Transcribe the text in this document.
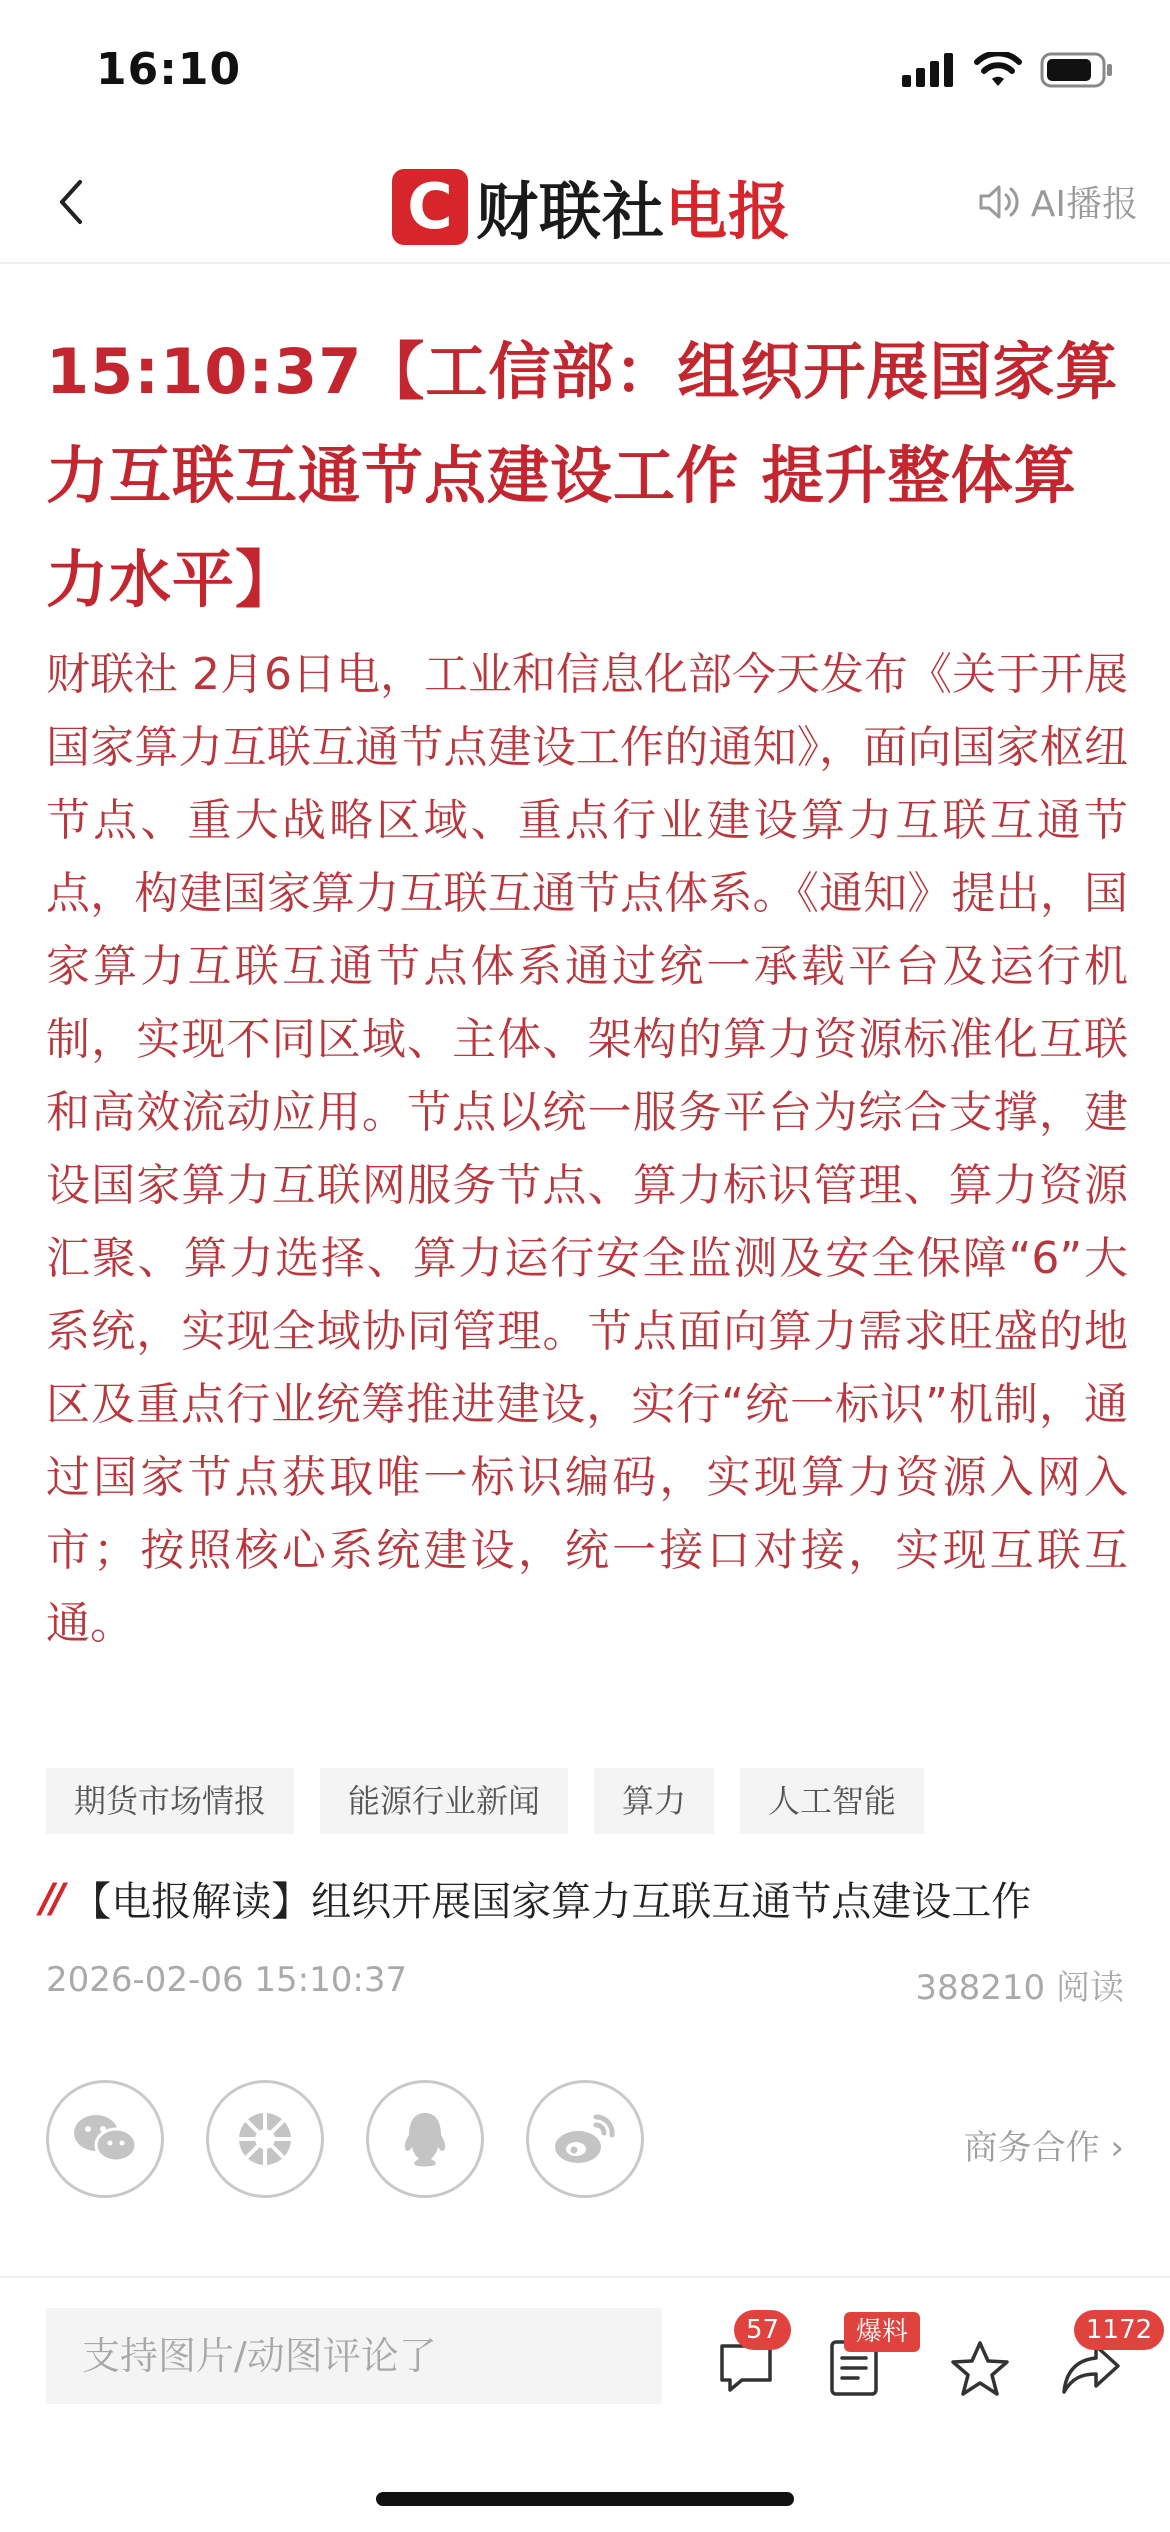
16:10
C 财联社电报	AI播报
15:10:37【工信部：组织开展国家算力互联互通节点建设工作 提升整体算力水平】
财联社 2月6日电，工业和信息化部今天发布《关于开展国家算力互联互通节点建设工作的通知》，面向国家枢纽节点、重大战略区域、重点行业建设算力互联互通节点，构建国家算力互联互通节点体系。《通知》提出，国家算力互联互通节点体系通过统一承载平台及运行机制，实现不同区域、主体、架构的算力资源标准化互联和高效流动应用。节点以统一服务平台为综合支撑，建设国家算力互联网服务节点、算力标识管理、算力资源汇聚、算力选择、算力运行安全监测及安全保障“6”大系统，实现全域协同管理。节点面向算力需求旺盛的地区及重点行业统筹推进建设，实行“统一标识”机制，通过国家节点获取唯一标识编码，实现算力资源入网入市；按照核心系统建设，统一接口对接，实现互联互通。
期货市场情报	能源行业新闻	算力	人工智能
// 【电报解读】组织开展国家算力互联互通节点建设工作
2026-02-06 15:10:37	388210 阅读
商务合作 ›
支持图片/动图评论了
57	爆料	1172
